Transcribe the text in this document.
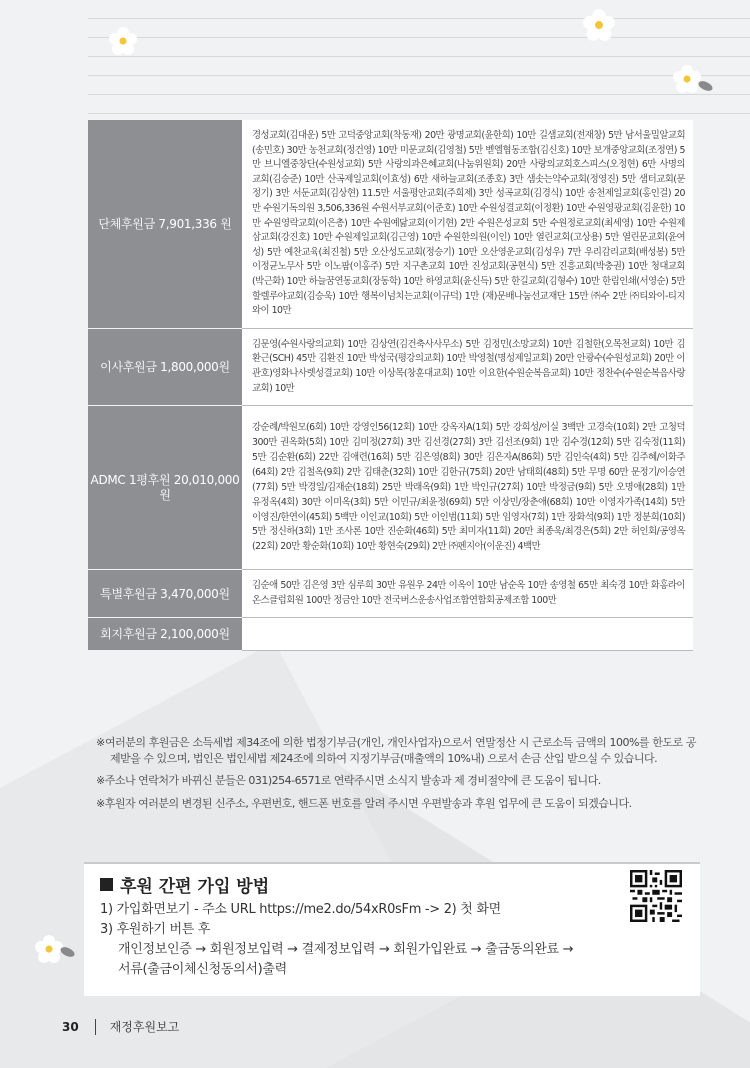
단체후원금 7,901,336 원	경성교회(김대운) 5만 고덕중앙교회(착동재) 20만 광명교회(윤한희) 10만 길샘교회(전재창) 5만 남서울밀알교회(송민호) 30만 농천교회(정건영) 10만 미문교회(김영철) 5만 벧엘협동조합(김신호) 10만 보개중앙교회(조정연) 5만 브니엘중창단(수원성교회) 5만 사랑의과은혜교회(나눔위원회) 20만 사랑의교회호스피스(오정현) 6만 사명의교회(김승준) 10만 산곡제일교회(이효성) 6만 새하늘교회(조종호) 3만 샘솟는약수교회(정영진) 5만 샘터교회(문정기) 3만 서둔교회(김상현) 11.5만 서울평안교회(주희제) 3만 성곡교회(김경식) 10만 송천제일교회(홍인걸) 20만 수원기독의원 3,506,336원 수원서부교회(이준호) 10만 수원성결교회(이정환) 10만 수원영광교회(김윤한) 10만 수원영락교회(이은총) 10만 수원예닮교회(이기현) 2만 수원은성교회 5만 수원정로교회(최세영) 10만 수원제삼교회(강진호) 10만 수원제일교회(김근영) 10만 수원한의원(이인) 10만 열린교회(고상용) 5만 열린문교회(윤여성) 5만 예찬교육(최진철) 5만 오산성도교회(정승기) 10만 오산영운교회(김성우) 7만 우리감리교회(배성봉) 5만 이정균노무사 5만 이노팜(이홍주) 5만 지구촌교회 10만 진성교회(공현식) 5만 진흥교회(박충권) 10만 청대교회(박근화) 10만 하늘꿈연동교회(장동학) 10만 하영교회(윤신득) 5만 한길교회(김형수) 10만 한림인쇄(서영순) 5만 할렐루야교회(김승욱) 10만 행복이넘치는교회(이규덕) 1만 (재)문배나눔선교재단 15만 ㈜수 2만 ㈜티와이-티지와이 10만
이사후원금 1,800,000원	김문영(수원사랑의교회) 10만 김상연(김건축사사무소) 5만 김정민(소망교회) 10만 김철한(오목천교회) 10만 김환근(SCH) 45만 김환진 10만 박성국(평강의교회) 10만 박영철(명성제일교회) 20만 안광수(수원성교회) 20만 이관호)영화나사렛성결교회) 10만 이상목(창훈대교회) 10만 이요한(수원순복음교회) 10만 정찬수(수원순복음사랑교회) 10만
ADMC 1평후원 20,010,000원	강순례/박원모(6회) 10만 강영인56(12회) 10만 강옥자A(1회) 5만 강희성/이실 3백만 고경숙(10회) 2만 고청덕 300만 권옥화(5회) 10만 김미정(27회) 3만 김선경(27회) 3만 김선조(9회) 1만 김수경(12회) 5만 김숙정(11회) 5만 김순환(6회) 22만 김애련(16회) 5만 김은영(8회) 30만 김은자A(86회) 5만 김인숙(4회) 5만 김주혜/이화주(64회) 2만 김철옥(9회) 2만 김태춘(32회) 10만 김한규(75회) 20만 남태희(48회) 5만 무명 60만 문정기/이승연(77회) 5만 박경일/김재순(18회) 25만 박래옥(9회) 1만 박인규(27회) 10만 박정금(9회) 5만 오명애(28회) 1만 유정옥(4회) 30만 이미옥(3회) 5만 이민규/최윤정(69회) 5만 이상민/장춘애(68회) 10만 이영자가족(14회) 5만 이영진/한연이(45회) 5백만 이인교(10회) 5만 이인범(11회) 5만 임영자(7회) 1만 장화석(9회) 1만 정분희(10회) 5만 정신하(3회) 1만 조사론 10만 진순화(46회) 5만 최미자(11회) 20만 최종욱/최경은(5회) 2만 허인회/공영옥(22회) 20만 황순화(10회) 10만 황현숙(29회) 2만 ㈜펜지아(이운진) 4백만
특별후원금 3,470,000원	김순애 50만 김은영 3만 심루희 30만 유원우 24만 이옥이 10만 남순옥 10만 송영철 65만 최숙경 10만 화홍라이온스클럽회원 100만 정금안 10만 전국버스운송사업조합연합회공제조합 100만
회지후원금 2,100,000원	

※여러분의 후원금은 소득세법 제34조에 의한 법정기부금(개인, 개인사업자)으로서 연말정산 시 근로소득 금액의 100%를 한도로 공제받을 수 있으며, 법인은 법인세법 제24조에 의하여 지정기부금(매출액의 10%내) 으로서 손금 산입 받으실 수 있습니다.

※주소나 연락처가 바뀌신 분들은 031)254-6571로 연락주시면 소식지 발송과 제 경비절약에 큰 도움이 됩니다.

※후원자 여러분의 변경된 신주소, 우편번호, 핸드폰 번호를 알려 주시면 우편발송과 후원 업무에 큰 도움이 되겠습니다.

후원 간편 가입 방법
1) 가입화면보기 - 주소 URL https://me2.do/54xR0sFm -> 2) 첫 화면
3) 후원하기 버튼 후
개인정보인증 → 회원정보입력 → 결제정보입력 → 회원가입완료 → 출금동의완료 →
서류(출금이체신청동의서)출력
30	재정후원보고
